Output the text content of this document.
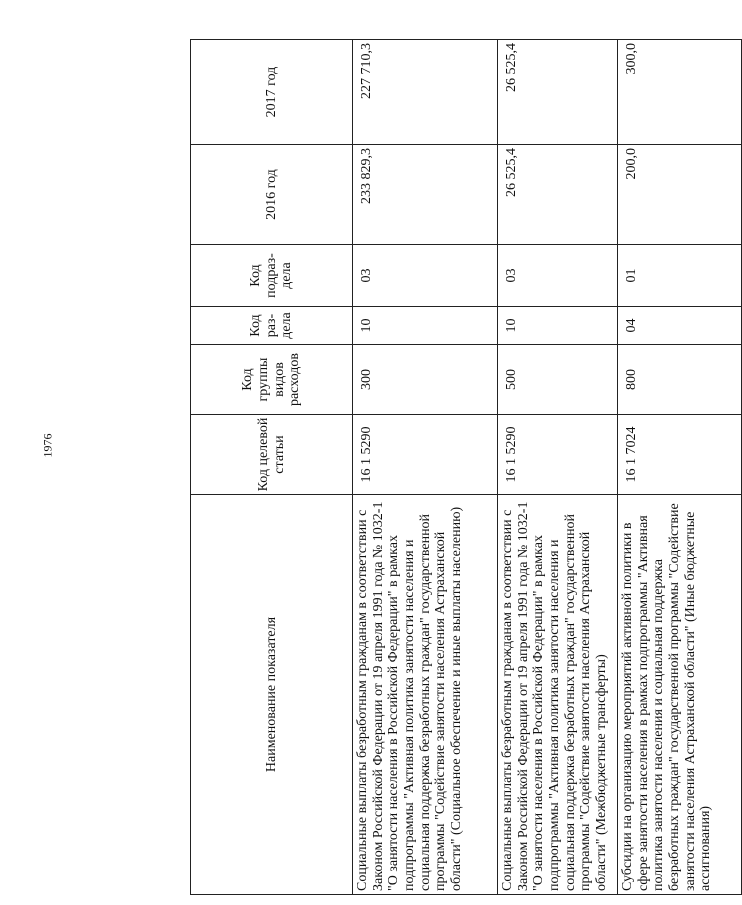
1976
Наименование показателя	Код целевой статьи	Код группы видов расходов	Код раз-дела	Код подраз-дела	2016 год	2017 год
Социальные выплаты безработным гражданам в соответствии с Законом Российской Федерации от 19 апреля 1991 года № 1032-1 "О занятости населения в Российской Федерации" в рамках подпрограммы "Активная политика занятости населения и социальная поддержка безработных граждан" государственной программы "Содействие занятости населения Астраханской области" (Социальное обеспечение и иные выплаты населению)	16 1 5290	300	10	03	233 829,3	227 710,3
Социальные выплаты безработным гражданам в соответствии с Законом Российской Федерации от 19 апреля 1991 года № 1032-1 "О занятости населения в Российской Федерации" в рамках подпрограммы "Активная политика занятости населения и социальная поддержка безработных граждан" государственной программы "Содействие занятости населения Астраханской области" (Межбюджетные трансферты)	16 1 5290	500	10	03	26 525,4	26 525,4
Субсидии на организацию мероприятий активной политики в сфере занятости населения в рамках подпрограммы "Активная политика занятости населения и социальная поддержка безработных граждан" государственной программы "Содействие занятости населения Астраханской области" (Иные бюджетные ассигнования)	16 1 7024	800	04	01	200,0	300,0
